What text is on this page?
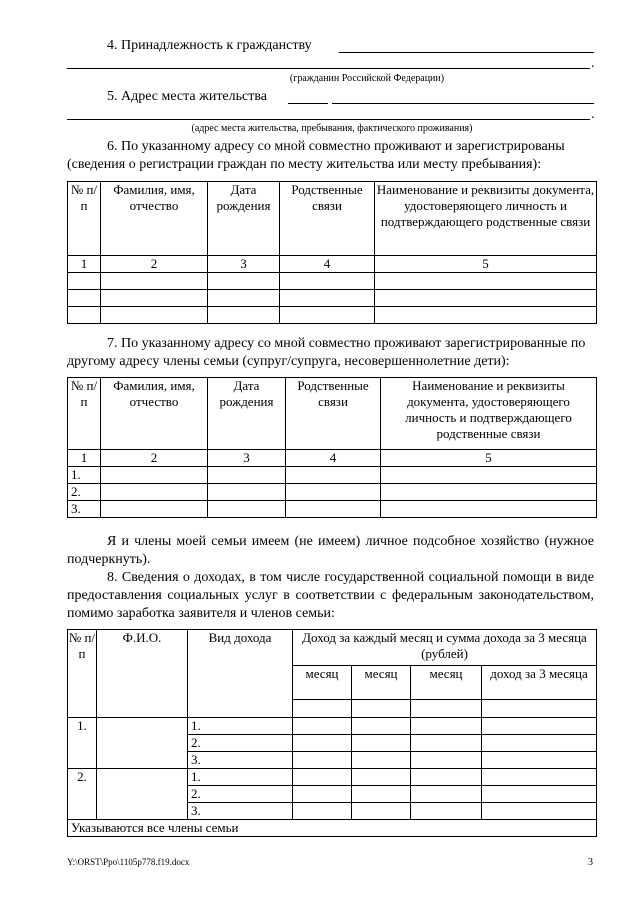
4. Принадлежность к гражданству
.
(гражданин Российской Федерации)
5. Адрес места жительства
.
(адрес места жительства, пребывания, фактического проживания)
6. По указанному адресу со мной совместно проживают и зарегистрированы (сведения о регистрации граждан по месту жительства или месту пребывания):
№ п/п	Фамилия, имя, отчество	Дата рождения	Родственные связи	Наименование и реквизиты документа, удостоверяющего личность и подтверждающего родственные связи
1	2	3	4	5

7. По указанному адресу со мной совместно проживают зарегистрированные по другому адресу члены семьи (супруг/супруга, несовершеннолетние дети):
№ п/п	Фамилия, имя, отчество	Дата рождения	Родственные связи	Наименование и реквизиты документа, удостоверяющего личность и подтверждающего родственные связи
1	2	3	4	5
1.				
2.				
3.				
Я и члены моей семьи имеем (не имеем) личное подсобное хозяйство (нужное подчеркнуть).
8. Сведения о доходах, в том числе государственной социальной помощи в виде предоставления социальных услуг в соответствии с федеральным законодательством, помимо заработка заявителя и членов семьи:
№ п/п	Ф.И.О.	Вид дохода	Доход за каждый месяц и сумма дохода за 3 месяца (рублей)			
			месяц	месяц	месяц	доход за 3 месяца

1.		1.				
		2.				
		3.				
2.		1.				
		2.				
		3.				
Указываются все члены семьи						
Y:\ORST\Ppo\1105p778.f19.docx	3
